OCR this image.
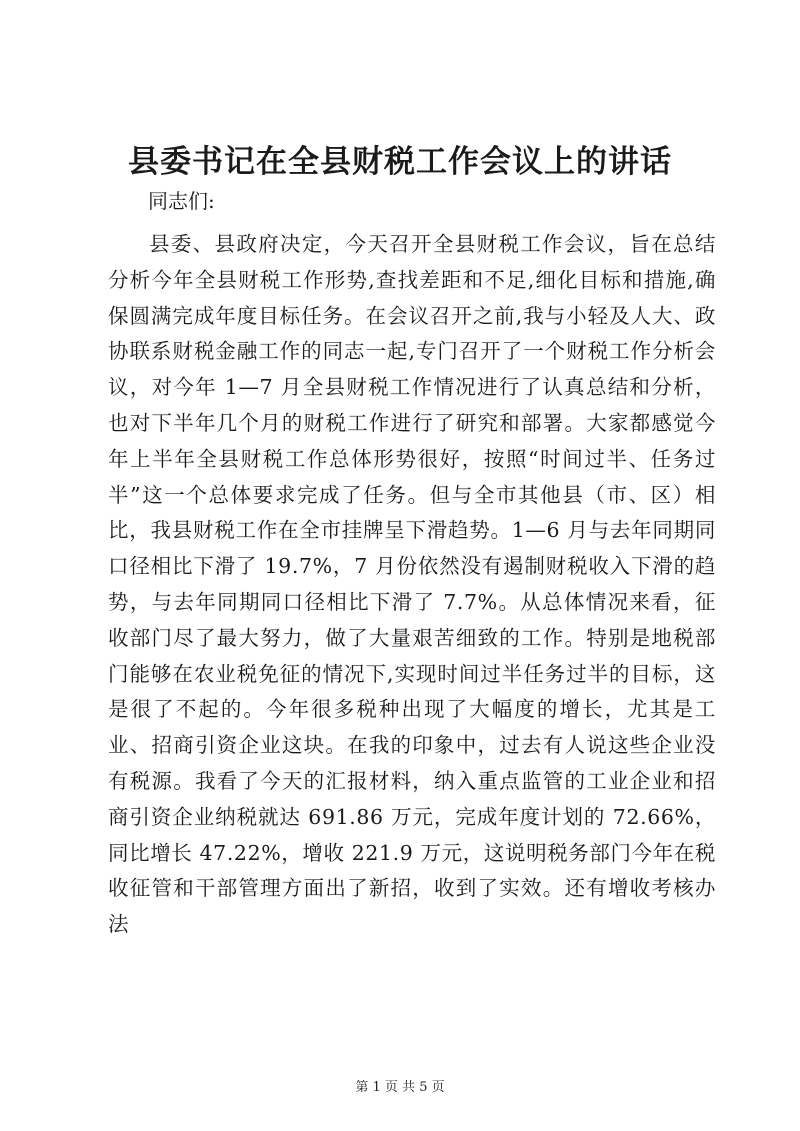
县委书记在全县财税工作会议上的讲话

同志们:

县委、县政府决定，今天召开全县财税工作会议，旨在总结分析今年全县财税工作形势,查找差距和不足,细化目标和措施,确保圆满完成年度目标任务。在会议召开之前,我与小轻及人大、政协联系财税金融工作的同志一起,专门召开了一个财税工作分析会议，对今年 1—7 月全县财税工作情况进行了认真总结和分析，也对下半年几个月的财税工作进行了研究和部署。大家都感觉今年上半年全县财税工作总体形势很好，按照“时间过半、任务过半”这一个总体要求完成了任务。但与全市其他县（市、区）相比，我县财税工作在全市挂牌呈下滑趋势。1—6 月与去年同期同口径相比下滑了 19.7%，7 月份依然没有遏制财税收入下滑的趋势，与去年同期同口径相比下滑了 7.7%。从总体情况来看，征收部门尽了最大努力，做了大量艰苦细致的工作。特别是地税部门能够在农业税免征的情况下,实现时间过半任务过半的目标，这是很了不起的。今年很多税种出现了大幅度的增长，尤其是工业、招商引资企业这块。在我的印象中，过去有人说这些企业没有税源。我看了今天的汇报材料，纳入重点监管的工业企业和招商引资企业纳税就达 691.86 万元，完成年度计划的 72.66%，同比增长 47.22%，增收 221.9 万元，这说明税务部门今年在税收征管和干部管理方面出了新招，收到了实效。还有增收考核办法

第 1 页 共 5 页
